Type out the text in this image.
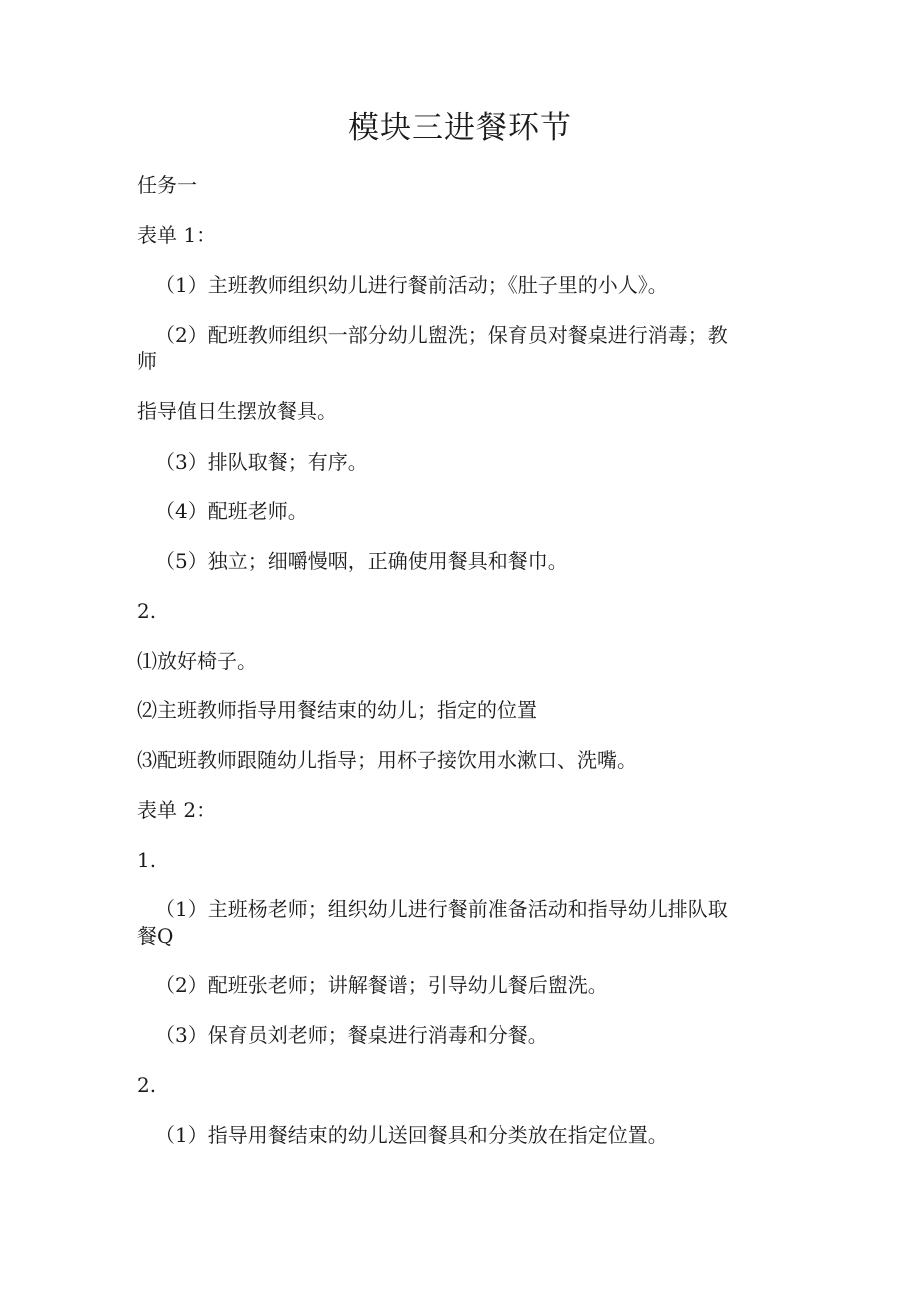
模块三进餐环节
任务一
表单 1：
（1）主班教师组织幼儿进行餐前活动；《肚子里的小人》。
（2）配班教师组织一部分幼儿盥洗；保育员对餐桌进行消毒；教
师
指导值日生摆放餐具。
（3）排队取餐；有序。
（4）配班老师。
（5）独立；细嚼慢咽，正确使用餐具和餐巾。
2.
⑴放好椅子。
⑵主班教师指导用餐结束的幼儿；指定的位置
⑶配班教师跟随幼儿指导；用杯子接饮用水漱口、洗嘴。
表单 2：
1.
（1）主班杨老师；组织幼儿进行餐前准备活动和指导幼儿排队取
餐Q
（2）配班张老师；讲解餐谱；引导幼儿餐后盥洗。
（3）保育员刘老师；餐桌进行消毒和分餐。
2.
（1）指导用餐结束的幼儿送回餐具和分类放在指定位置。
